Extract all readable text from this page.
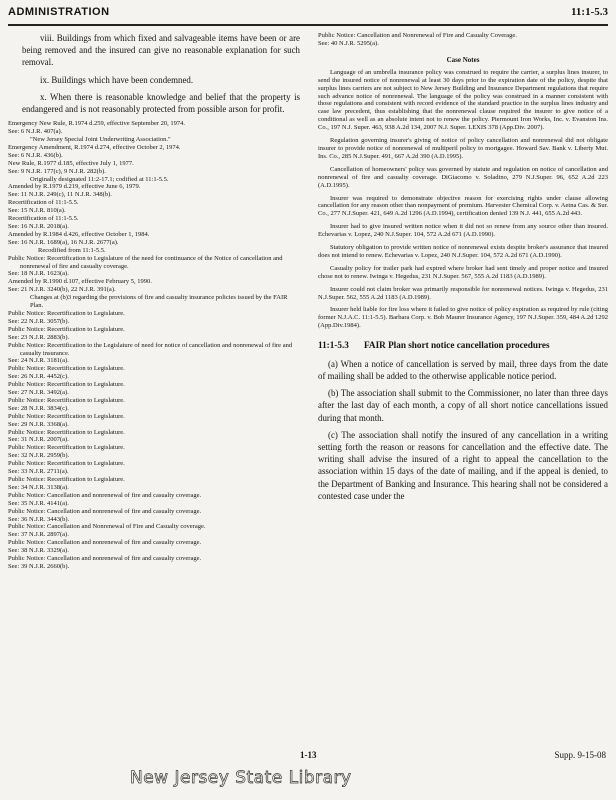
ADMINISTRATION	11:1-5.3

viii. Buildings from which fixed and salvageable items have been or are being removed and the insured can give no reasonable explanation for such removal.

ix. Buildings which have been condemned.

x. When there is reasonable knowledge and belief that the property is endangered and is not reasonably protected from possible arson for profit.

Emergency New Rule, R.1974 d.259, effective September 20, 1974.
See: 6 N.J.R. 407(a).
"New Jersey Special Joint Underwriting Association."
Emergency Amendment, R.1974 d.274, effective October 2, 1974.
See: 6 N.J.R. 436(b).
New Rule, R.1977 d.185, effective July 1, 1977.
See: 9 N.J.R. 177(c), 9 N.J.R. 282(b).
Originally designated 11:2-17.1; codified at 11:1-5.5.
Amended by R.1979 d.219, effective June 6, 1979.
See: 11 N.J.R. 249(c), 11 N.J.R. 348(b).
Recertification of 11:1-5.5.
See: 15 N.J.R. 810(a).
Recertification of 11:1-5.5.
See: 16 N.J.R. 2018(a).
Amended by R.1984 d.426, effective October 1, 1984.
See: 16 N.J.R. 1689(a), 16 N.J.R. 2677(a).
Recodified from 11:1-5.5.
Public Notice: Recertification to Legislature of the need for continuance of the Notice of cancellation and nonrenewal of fire and casualty coverage.
See: 18 N.J.R. 1623(a).
Amended by R.1990 d.107, effective February 5, 1990.
See: 21 N.J.R. 3240(b), 22 N.J.R. 391(a).
Changes at (b)3 regarding the provisions of fire and casualty insurance policies issued by the FAIR Plan.
Public Notice: Recertification to Legislature.
See: 22 N.J.R. 3057(b).
Public Notice: Recertification to Legislature.
See: 23 N.J.R. 2883(b).
Public Notice: Recertification to the Legislature of need for notice of cancellation and nonrenewal of fire and casualty insurance.
See: 24 N.J.R. 3181(a).
Public Notice: Recertification to Legislature.
See: 26 N.J.R. 4452(c).
Public Notice: Recertification to Legislature.
See: 27 N.J.R. 3492(a).
Public Notice: Recertification to Legislature.
See: 28 N.J.R. 3834(c).
Public Notice: Recertification to Legislature.
See: 29 N.J.R. 3368(a).
Public Notice: Recertification to Legislature.
See: 31 N.J.R. 2007(a).
Public Notice: Recertification to Legislature.
See: 32 N.J.R. 2959(b).
Public Notice: Recertification to Legislature.
See: 33 N.J.R. 2711(a).
Public Notice: Recertification to Legislature.
See: 34 N.J.R. 3138(a).
Public Notice: Cancellation and nonrenewal of fire and casualty coverage.
See: 35 N.J.R. 4141(a).
Public Notice: Cancellation and nonrenewal of fire and casualty coverage.
See: 36 N.J.R. 3443(b).
Public Notice: Cancellation and Nonrenewal of Fire and Casualty coverage.
See: 37 N.J.R. 2897(a).
Public Notice: Cancellation and nonrenewal of fire and casualty coverage.
See: 38 N.J.R. 3329(a).
Public Notice: Cancellation and nonrenewal of fire and casualty coverage.
See: 39 N.J.R. 2660(b).
Public Notice: Cancellation and Nonrenewal of Fire and Casualty Coverage.
See: 40 N.J.R. 5295(a).
Case Notes

Language of an umbrella insurance policy was construed to require the carrier, a surplus lines insurer, to send the insured notice of nonrenewal at least 30 days prior to the expiration date of the policy, despite that surplus lines carriers are not subject to New Jersey Building and Insurance Department regulations that require such advance notice of nonrenewal. The language of the policy was construed in a manner consistent with those regulations and consistent with record evidence of the standard practice in the surplus lines industry and case law precedent, thus establishing that the nonrenewal clause required the insurer to give notice of a conditional as well as an absolute intent not to renew the policy. Piermount Iron Works, Inc. v. Evanston Ins. Co., 197 N.J. Super. 463, 938 A.2d 134, 2007 N.J. Super. LEXIS 378 (App.Div. 2007).

Regulation governing insurer's giving of notice of policy cancellation and nonrenewal did not obligate insurer to provide notice of nonrenewal of multiperil policy to mortgagee. Howard Sav. Bank v. Liberty Mut. Ins. Co., 285 N.J.Super. 491, 667 A.2d 390 (A.D.1995).

Cancellation of homeowners' policy was governed by statute and regulation on notice of cancellation and nonrenewal of fire and casualty coverage. DiGiacomo v. Soladino, 279 N.J.Super. 96, 652 A.2d 223 (A.D.1995).

Insurer was required to demonstrate objective reason for exercising rights under clause allowing cancellation for any reason other than nonpayment of premium. Harvester Chemical Corp. v. Aetna Cas. & Sur. Co., 277 N.J.Super. 421, 649 A.2d 1296 (A.D.1994), certification denied 139 N.J. 441, 655 A.2d 443.

Insurer had to give insured written notice when it did not so renew from any source other than insured. Echevarias v. Lopez, 240 N.J.Super. 104, 572 A.2d 671 (A.D.1990).

Statutory obligation to provide written notice of nonrenewal exists despite broker's assurance that insured does not intend to renew. Echevarias v. Lopez, 240 N.J.Super. 104, 572 A.2d 671 (A.D.1990).

Casualty policy for trailer park had expired where broker had sent timely and proper notice and insured chose not to renew. Iwinga v. Hegedus, 231 N.J.Super. 567, 555 A.2d 1183 (A.D.1989).

Insurer could not claim broker was primarily responsible for nonrenewal notices. Iwinga v. Hegedus, 231 N.J.Super. 562, 555 A.2d 1183 (A.D.1989).

Insurer held liable for fire loss where it failed to give notice of policy expiration as required by rule (citing former N.J.A.C. 11:1-5.5). Barbara Corp. v. Bob Maurer Insurance Agency, 197 N.J.Super. 359, 484 A.2d 1292 (App.Div.1984).

11:1-5.3 FAIR Plan short notice cancellation procedures

(a) When a notice of cancellation is served by mail, three days from the date of mailing shall be added to the otherwise applicable notice period.

(b) The association shall submit to the Commissioner, no later than three days after the last day of each month, a copy of all short notice cancellations issued during that month.

(c) The association shall notify the insured of any cancellation in a writing setting forth the reason or reasons for cancellation and the effective date. The writing shall advise the insured of a right to appeal the cancellation to the association within 15 days of the date of mailing, and if the appeal is denied, to the Department of Banking and Insurance. This hearing shall not be considered a contested case under the

1-13	Supp. 9-15-08
New Jersey State Library
